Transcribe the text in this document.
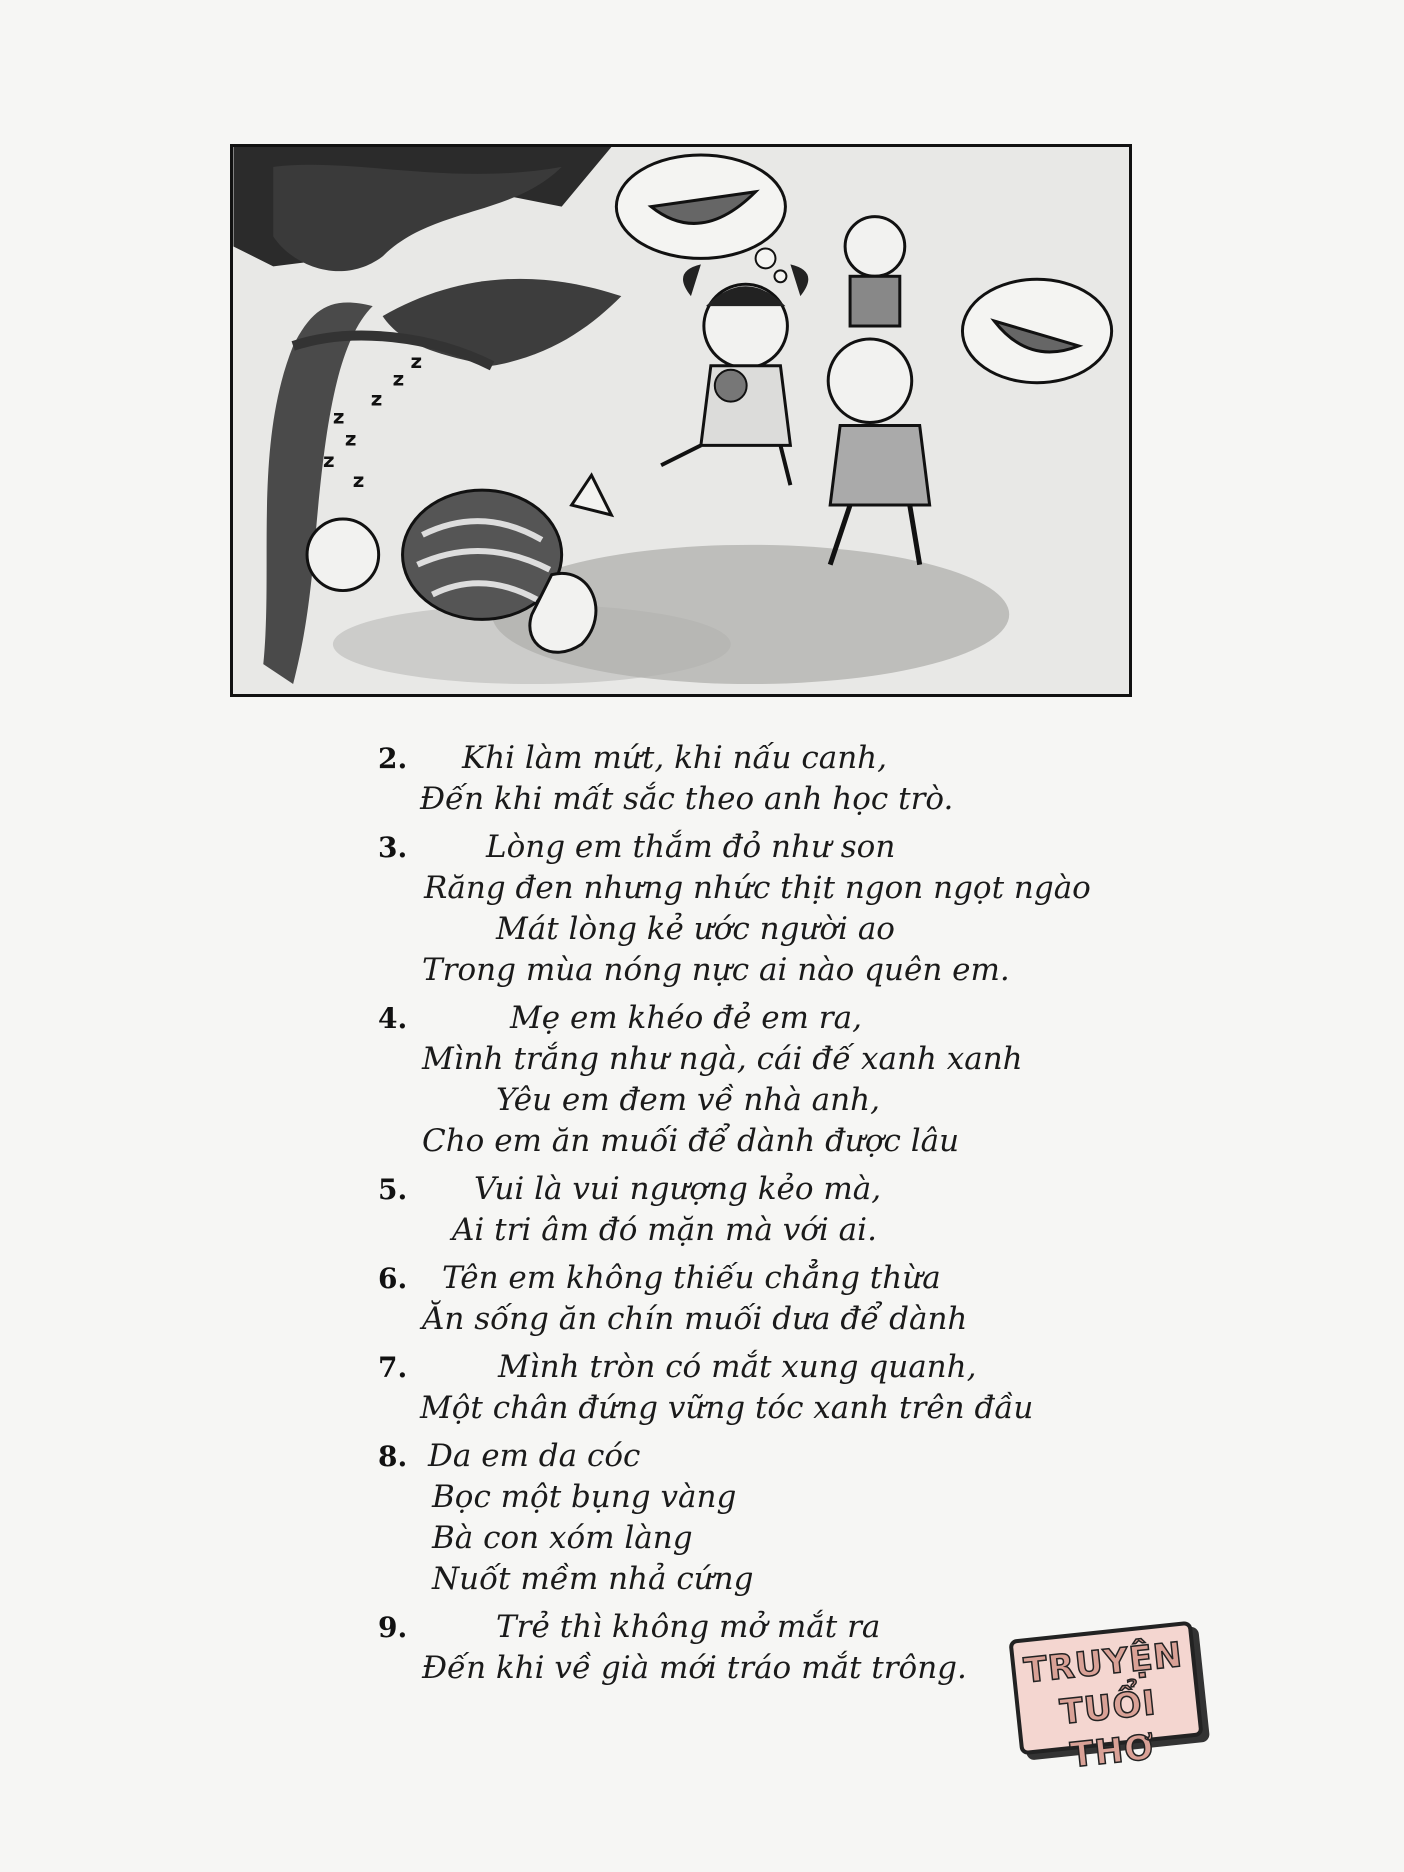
z
z
z
z
z
z
z
2. Khi làm mứt, khi nấu canh,
Đến khi mất sắc theo anh học trò.
3.	Lòng em thắm đỏ như son
Răng đen nhưng nhức thịt ngon ngọt ngào
Mát lòng kẻ ước người ao
Trong mùa nóng nực ai nào quên em.
4.	Mẹ em khéo đẻ em ra,
Mình trắng như ngà, cái đế xanh xanh
Yêu em đem về nhà anh,
Cho em ăn muối để dành được lâu
5. Vui là vui ngượng kẻo mà,
Ai tri âm đó mặn mà với ai.
6. Tên em không thiếu chẳng thừa
Ăn sống ăn chín muối dưa để dành
7.	Mình tròn có mắt xung quanh,
Một chân đứng vững tóc xanh trên đầu
8. Da em da cóc
Bọc một bụng vàng
Bà con xóm làng
Nuốt mềm nhả cứng
9.	Trẻ thì không mở mắt ra
Đến khi về già mới tráo mắt trông. TRUYỆN
TUỔI THƠ
